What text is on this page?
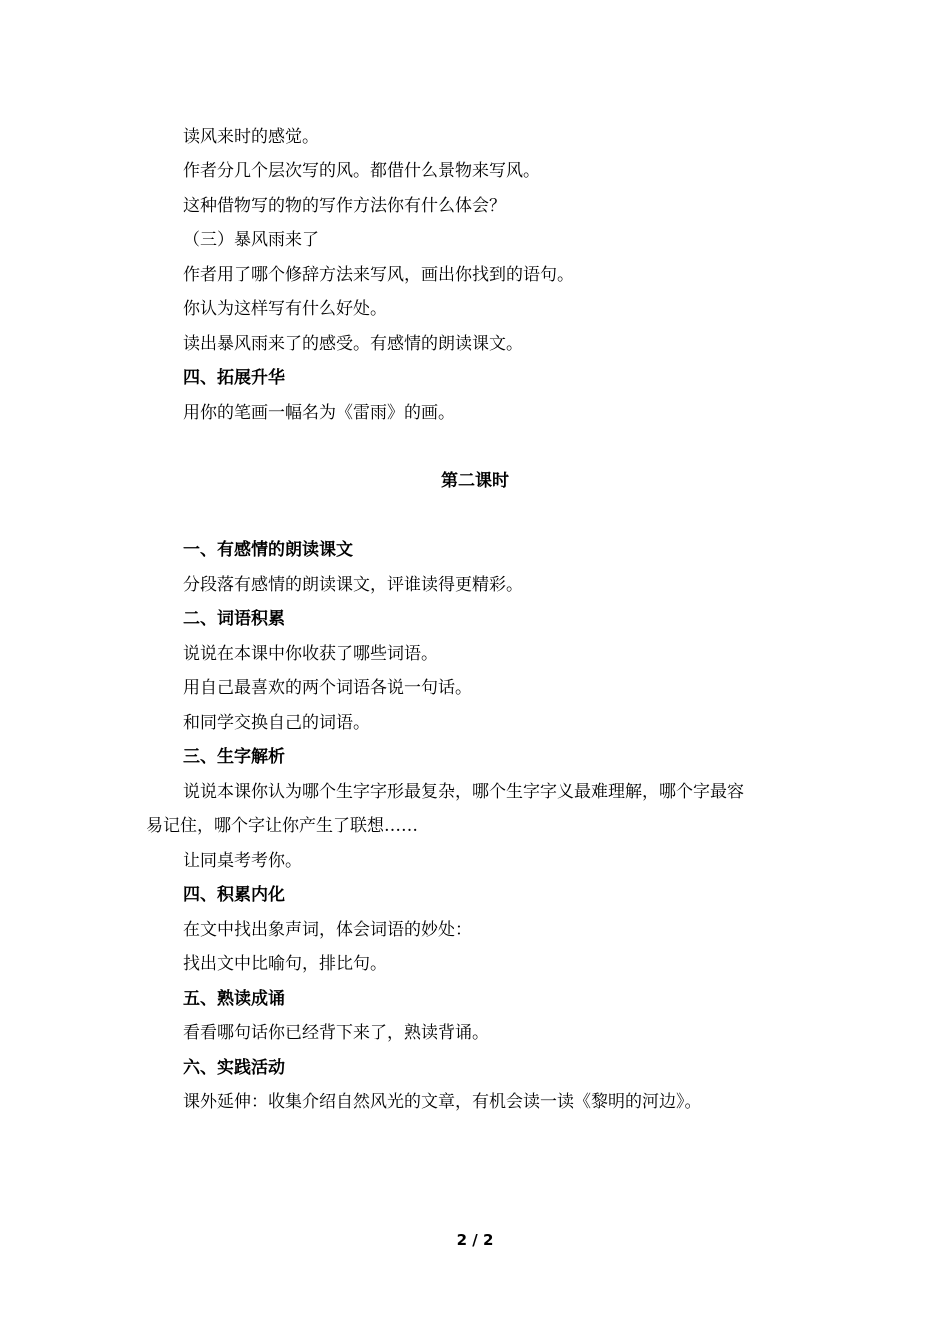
读风来时的感觉。
作者分几个层次写的风。都借什么景物来写风。
这种借物写的物的写作方法你有什么体会？
（三）暴风雨来了
作者用了哪个修辞方法来写风，画出你找到的语句。
你认为这样写有什么好处。
读出暴风雨来了的感受。有感情的朗读课文。
四、拓展升华
用你的笔画一幅名为《雷雨》的画。
第二课时
一、有感情的朗读课文
分段落有感情的朗读课文，评谁读得更精彩。
二、词语积累
说说在本课中你收获了哪些词语。
用自己最喜欢的两个词语各说一句话。
和同学交换自己的词语。
三、生字解析
说说本课你认为哪个生字字形最复杂，哪个生字字义最难理解，哪个字最容
易记住，哪个字让你产生了联想……
让同桌考考你。
四、积累内化
在文中找出象声词，体会词语的妙处：
找出文中比喻句，排比句。
五、熟读成诵
看看哪句话你已经背下来了，熟读背诵。
六、实践活动
课外延伸：收集介绍自然风光的文章，有机会读一读《黎明的河边》。
2 / 2
